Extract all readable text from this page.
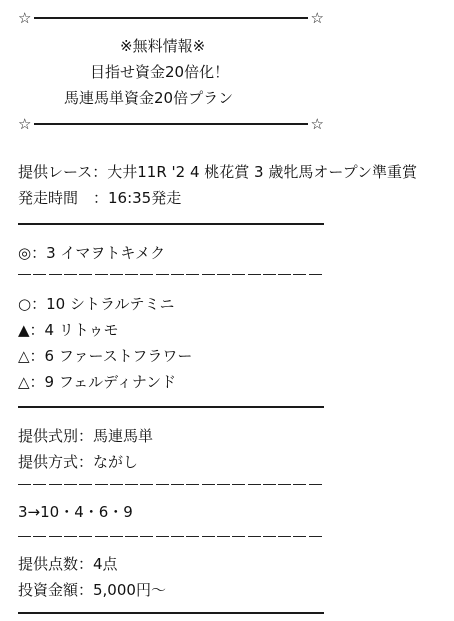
☆	☆
※無料情報※
目指せ資金20倍化！
馬連馬単資金20倍プラン
☆	☆
提供レース：大井11R '2 4 桃花賞 3 歳牝馬オープン準重賞
発走時間　：16:35発走
◎：3 イマヲトキメク
○：10 シトラルテミニ
▲：4 リトゥモ
△：6 ファーストフラワー
△：9 フェルディナンド
提供式別：馬連馬単
提供方式：ながし
3→10・4・6・9
提供点数：4点
投資金額：5,000円～
